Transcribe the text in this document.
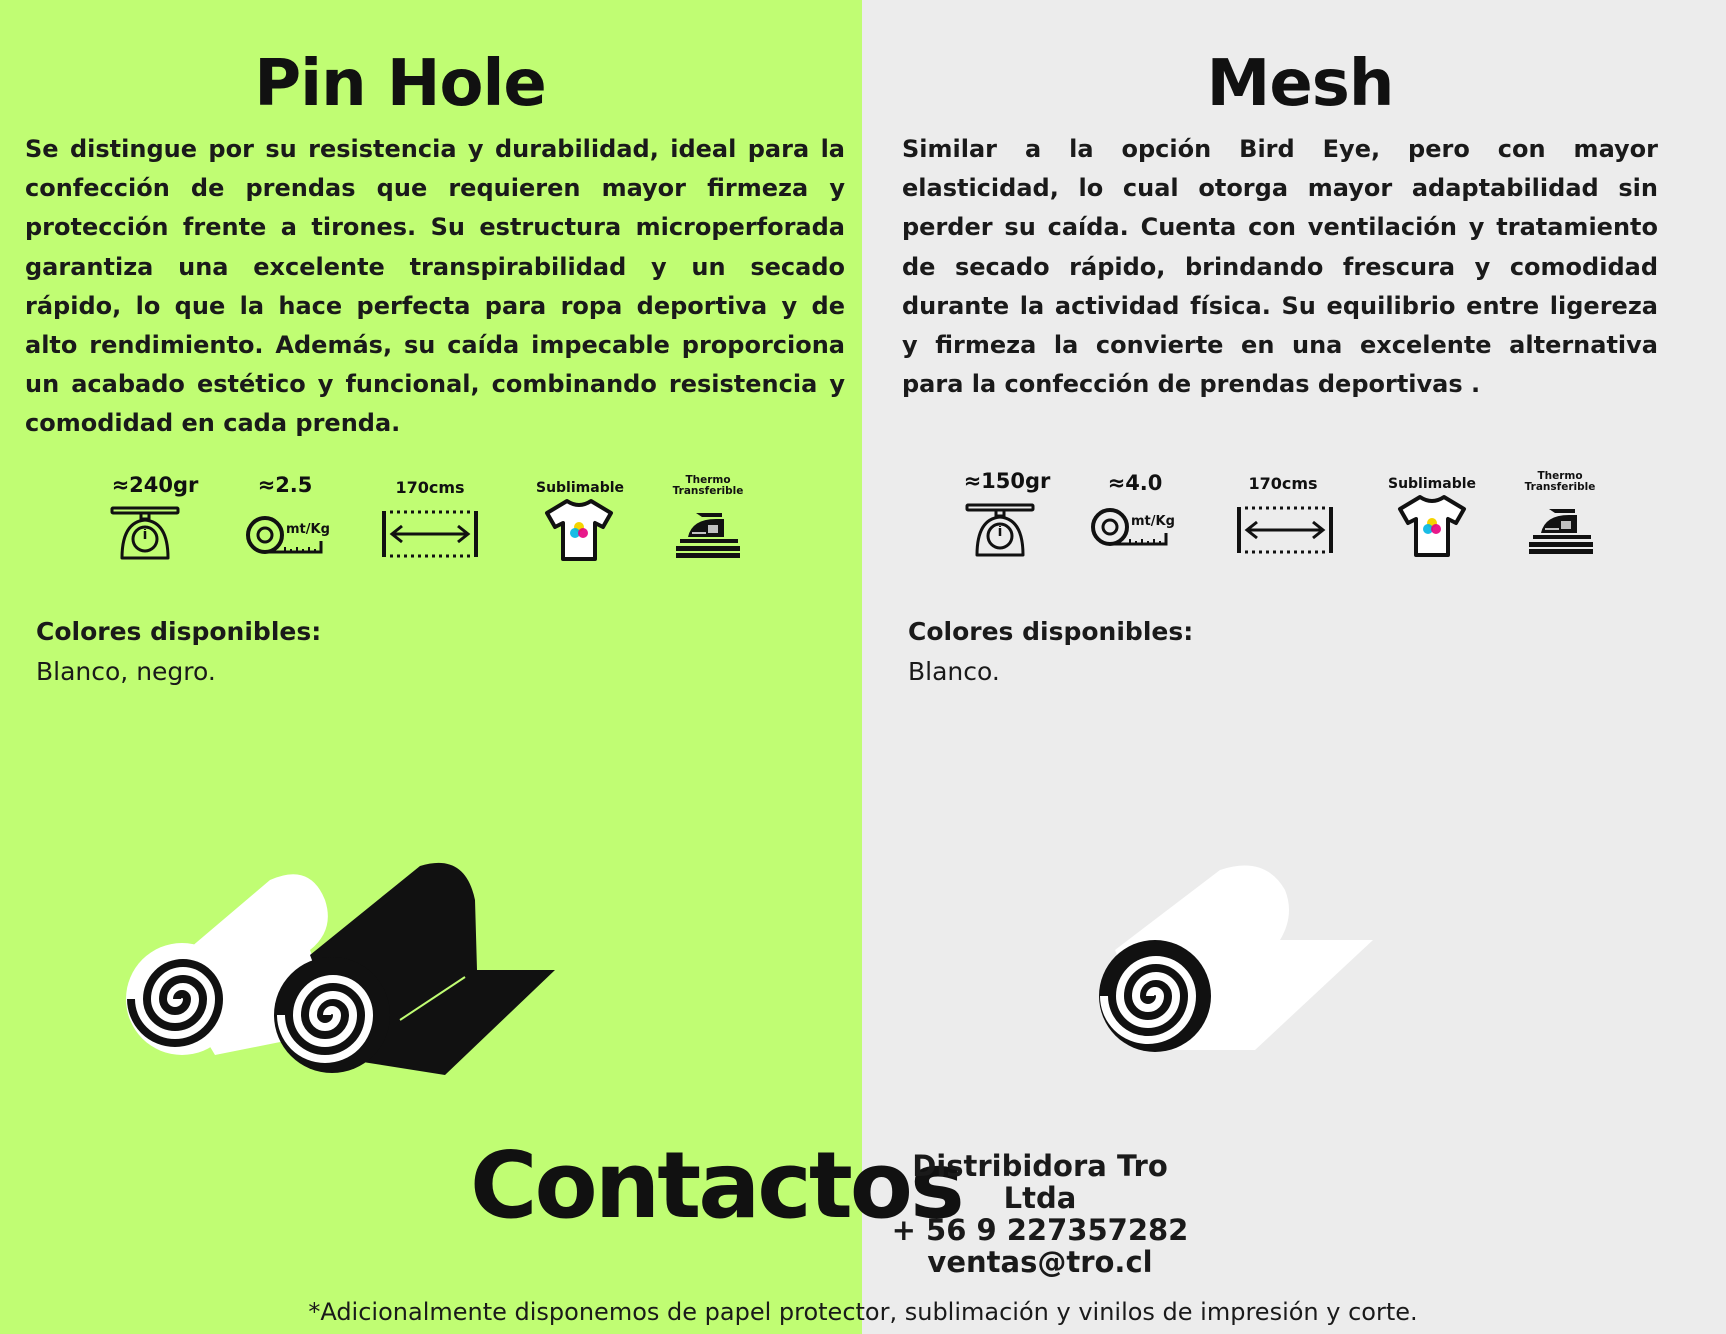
Pin Hole

Se distingue por su resistencia y durabilidad, ideal para la confección de prendas que requieren mayor firmeza y protección frente a tirones. Su estructura microperforada garantiza una excelente transpirabilidad y un secado rápido, lo que la hace perfecta para ropa deportiva y de alto rendimiento. Además, su caída impecable proporciona un acabado estético y funcional, combinando resistencia y comodidad en cada prenda.

≈240gr	≈2.5
mt/Kg
170cms	Sublimable	Thermo
Transferible
Colores disponibles:
Blanco, negro.
Mesh

Similar a la opción Bird Eye, pero con mayor elasticidad, lo cual otorga mayor adaptabilidad sin perder su caída. Cuenta con ventilación y tratamiento de secado rápido, brindando frescura y comodidad durante la actividad física. Su equilibrio entre ligereza y firmeza la convierte en una excelente alternativa para la confección de prendas deportivas .

≈150gr	≈4.0
mt/Kg
170cms	Sublimable	Thermo
Transferible
Colores disponibles:
Blanco.
Contactos
Distribidora Tro Ltda
+ 56 9 227357282
ventas@tro.cl
*Adicionalmente disponemos de papel protector, sublimación y vinilos de impresión y corte.
